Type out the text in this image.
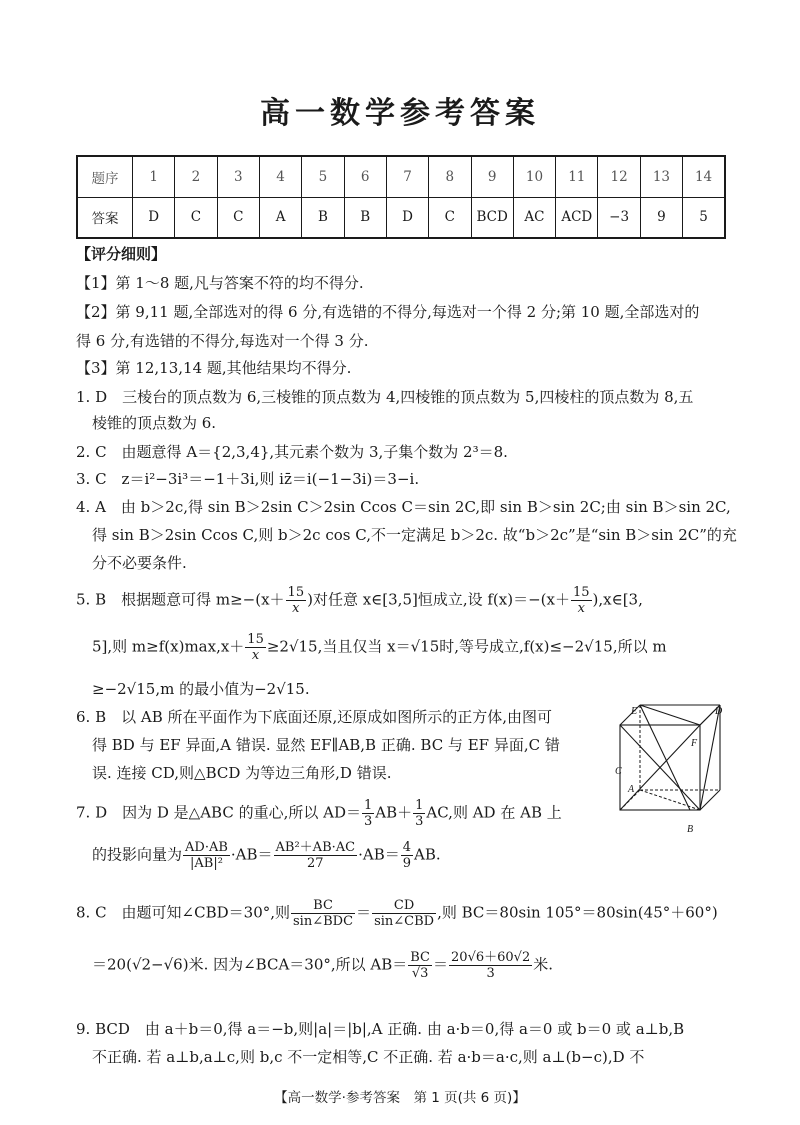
高一数学参考答案
题序	1	2	3	4	5	6	7	8	9	10	11	12	13	14
答案	D	C	C	A	B	B	D	C	BCD	AC	ACD	−3	9	5
【评分细则】
【1】第 1～8 题,凡与答案不符的均不得分.
【2】第 9,11 题,全部选对的得 6 分,有选错的不得分,每选对一个得 2 分;第 10 题,全部选对的
得 6 分,有选错的不得分,每选对一个得 3 分.
【3】第 12,13,14 题,其他结果均不得分.
1. D　三棱台的顶点数为 6,三棱锥的顶点数为 4,四棱锥的顶点数为 5,四棱柱的顶点数为 8,五
棱锥的顶点数为 6.
2. C　由题意得 A＝{2,3,4},其元素个数为 3,子集个数为 2³＝8.
3. C　z＝i²−3i³＝−1＋3i,则 iz̄＝i(−1−3i)＝3−i.
4. A　由 b＞2c,得 sin B＞2sin C＞2sin Ccos C＝sin 2C,即 sin B＞sin 2C;由 sin B＞sin 2C,
得 sin B＞2sin Ccos C,则 b＞2c cos C,不一定满足 b＞2c. 故“b＞2c”是“sin B＞sin 2C”的充
分不必要条件.
5. B　根据题意可得 $m\ge-(x+ \frac{15}{x}$ )对任意 x∈[3,5]恒成立,设 $f(x)=-(x+ \frac{15}{x}$ ),x∈[3,
5],则 $m\ge f(x)\max,x+ \frac{15}{x} \ge 2√15$,当且仅当 x＝√15时,等号成立,f(x)≤−2√15,所以 m
≥−2√15,m 的最小值为−2√15.
6. B　以 AB 所在平面作为下底面还原,还原成如图所示的正方体,由图可
得 BD 与 EF 异面,A 错误. 显然 EF∥AB,B 正确. BC 与 EF 异面,C 错
误. 连接 CD,则△BCD 为等边三角形,D 错误.
E	D
F
C
A
B
7. D　因为 D 是△ABC 的重心,所以 $AD= \frac{1}{3} AB+ \frac{1}{3}$ AC,则 AD 在 AB 上
的投影向量为 $\frac{AD\cdot AB}{\text{|AB|²}} \cdot AB= \frac{\text{AB²＋AB·AC}}{27} \cdot AB= \frac{4}{9}$ AB.
8. C　由题可知∠CBD＝30°,则	BC
sin∠BDC ＝	CD
sin∠CBD ,则 BC＝80sin 105°＝80sin(45°＋60°)
＝20(√2−√6)米. 因为∠BCA＝30°,所以 $AB= \frac{BC}{√3} = \frac{20√6+60√2}{3}$ 米.
9. BCD　由 a＋b＝0,得 a＝−b,则|a|＝|b|,A 正确. 由 a·b＝0,得 a＝0 或 b＝0 或 a⊥b,B
不正确. 若 a⊥b,a⊥c,则 b,c 不一定相等,C 不正确. 若 a·b＝a·c,则 a⊥(b−c),D 不
【高一数学·参考答案　第 1 页(共 6 页)】
